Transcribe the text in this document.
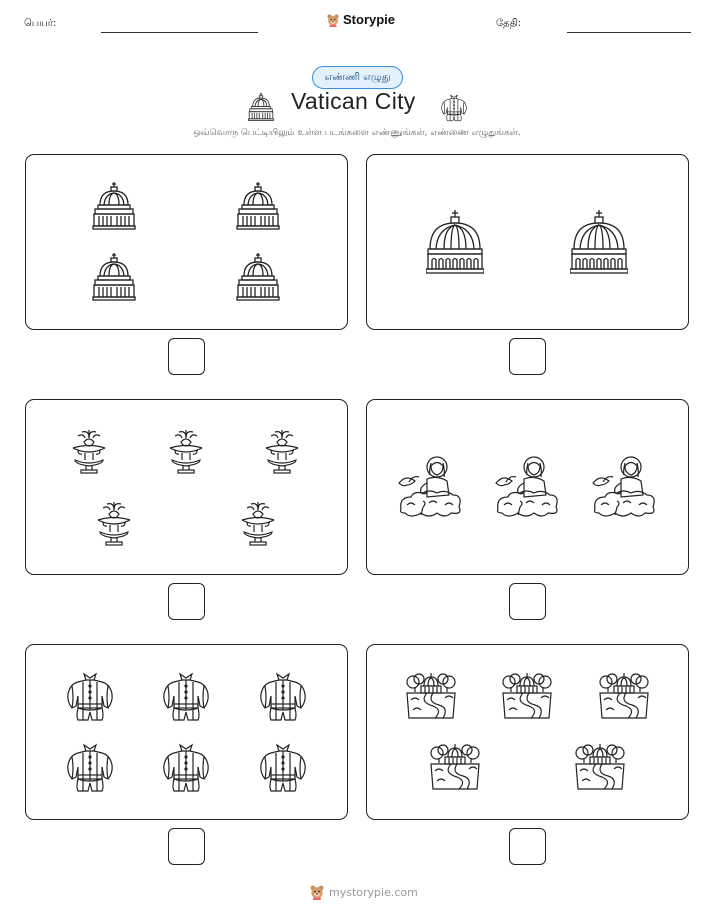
பெயர்:	Storypie	தேதி:
எண்ணி எழுது
Vatican City
ஒவ்வொரு பெட்டியிலும் உள்ள படங்களை எண்ணுங்கள், எண்ணை எழுதுங்கள்.
mystorypie.com
